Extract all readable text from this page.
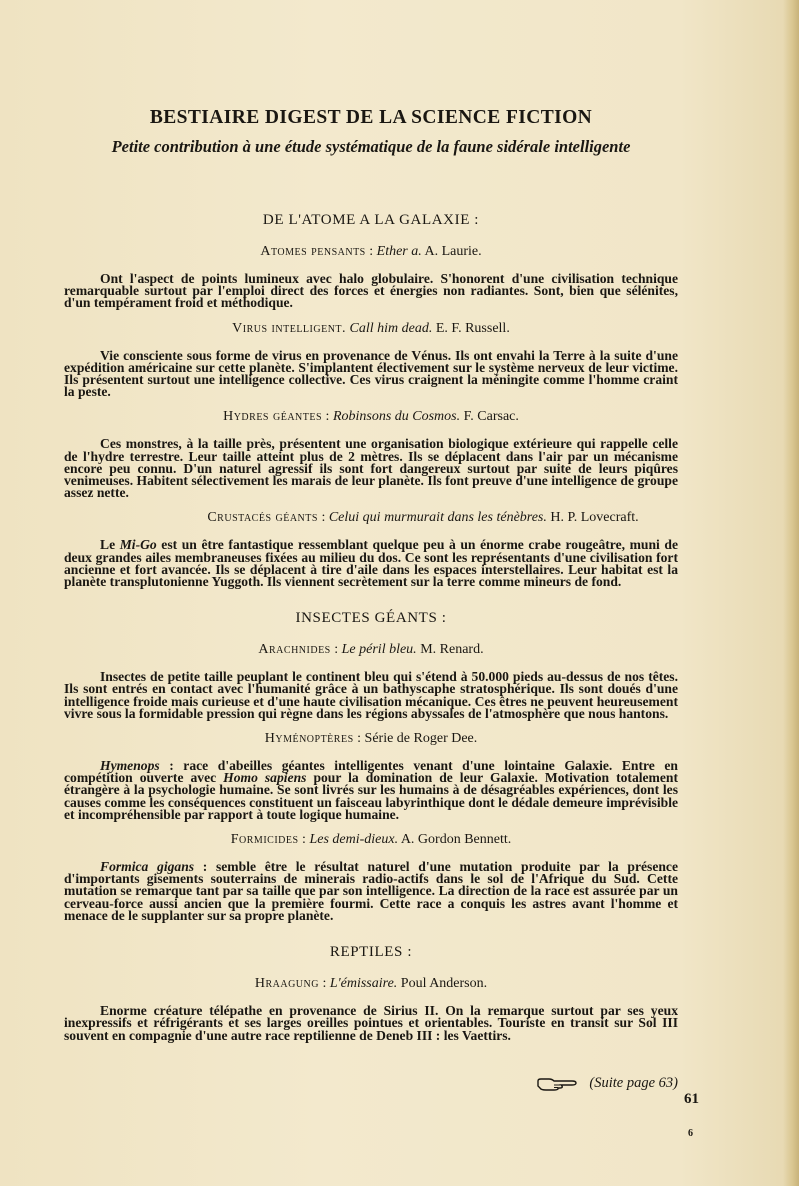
BESTIAIRE DIGEST DE LA SCIENCE FICTION

Petite contribution à une étude systématique de la faune sidérale intelligente

DE L'ATOME A LA GALAXIE :
Atomes pensants : Ether a. A. Laurie.

Ont l'aspect de points lumineux avec halo globulaire. S'honorent d'une civilisation technique remarquable surtout par l'emploi direct des forces et énergies non radiantes. Sont, bien que sélénites, d'un tempérament froid et méthodique.

Virus intelligent. Call him dead. E. F. Russell.

Vie consciente sous forme de virus en provenance de Vénus. Ils ont envahi la Terre à la suite d'une expédition américaine sur cette planète. S'implantent électivement sur le système nerveux de leur victime. Ils présentent surtout une intelligence collective. Ces virus craignent la méningite comme l'homme craint la peste.

Hydres géantes : Robinsons du Cosmos. F. Carsac.

Ces monstres, à la taille près, présentent une organisation biologique extérieure qui rappelle celle de l'hydre terrestre. Leur taille atteint plus de 2 mètres. Ils se déplacent dans l'air par un mécanisme encore peu connu. D'un naturel agressif ils sont fort dangereux surtout par suite de leurs piqûres venimeuses. Habitent sélectivement les marais de leur planète. Ils font preuve d'une intelligence de groupe assez nette.

Crustacés géants : Celui qui murmurait dans les ténèbres. H. P. Lovecraft.

Le Mi-Go est un être fantastique ressemblant quelque peu à un énorme crabe rougeâtre, muni de deux grandes ailes membraneuses fixées au milieu du dos. Ce sont les représentants d'une civilisation fort ancienne et fort avancée. Ils se déplacent à tire d'aile dans les espaces interstellaires. Leur habitat est la planète transplutonienne Yuggoth. Ils viennent secrètement sur la terre comme mineurs de fond.

INSECTES GÉANTS :
Arachnides : Le péril bleu. M. Renard.

Insectes de petite taille peuplant le continent bleu qui s'étend à 50.000 pieds au-dessus de nos têtes. Ils sont entrés en contact avec l'humanité grâce à un bathyscaphe stratosphérique. Ils sont doués d'une intelligence froide mais curieuse et d'une haute civilisation mécanique. Ces êtres ne peuvent heureusement vivre sous la formidable pression qui règne dans les régions abyssales de l'atmosphère que nous hantons.

Hyménoptères : Série de Roger Dee.

Hymenops : race d'abeilles géantes intelligentes venant d'une lointaine Galaxie. Entre en compétition ouverte avec Homo sapiens pour la domination de leur Galaxie. Motivation totalement étrangère à la psychologie humaine. Se sont livrés sur les humains à de désagréables expériences, dont les causes comme les conséquences constituent un faisceau labyrinthique dont le dédale demeure imprévisible et incompréhensible par rapport à toute logique humaine.

Formicides : Les demi-dieux. A. Gordon Bennett.

Formica gigans : semble être le résultat naturel d'une mutation produite par la présence d'importants gisements souterrains de minerais radio-actifs dans le sol de l'Afrique du Sud. Cette mutation se remarque tant par sa taille que par son intelligence. La direction de la race est assurée par un cerveau-force aussi ancien que la première fourmi. Cette race a conquis les astres avant l'homme et menace de le supplanter sur sa propre planète.

REPTILES :
Hraagung : L'émissaire. Poul Anderson.

Enorme créature télépathe en provenance de Sirius II. On la remarque surtout par ses yeux inexpressifs et réfrigérants et ses larges oreilles pointues et orientables. Touriste en transit sur Sol III souvent en compagnie d'une autre race reptilienne de Deneb III : les Vaettirs.

(Suite page 63)
61
6
